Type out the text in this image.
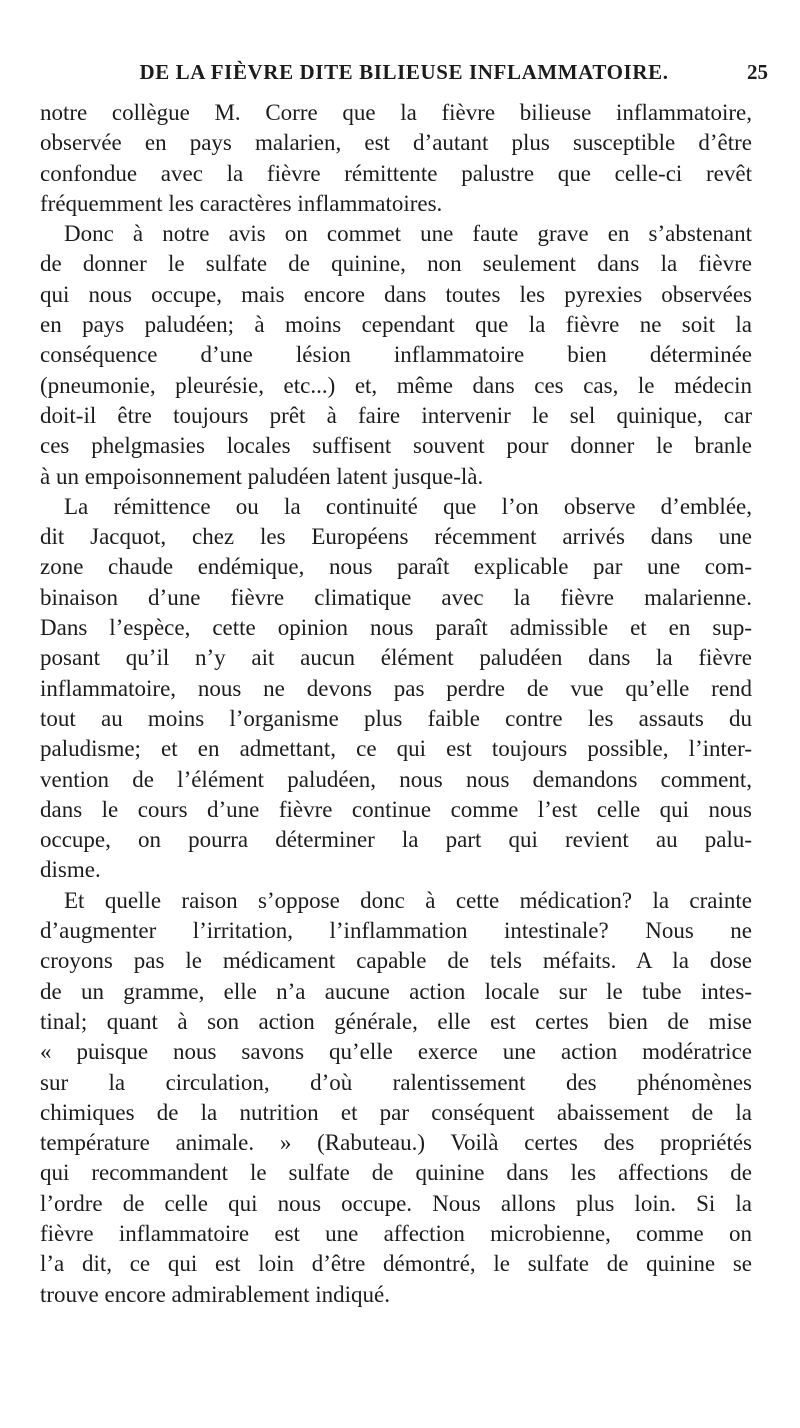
DE LA FIÈVRE DITE BILIEUSE INFLAMMATOIRE.	25
notre collègue M. Corre que la fièvre bilieuse inflammatoire,
observée en pays malarien, est d’autant plus susceptible d’être
confondue avec la fièvre rémittente palustre que celle-ci revêt
fréquemment les caractères inflammatoires.
Donc à notre avis on commet une faute grave en s’abstenant
de donner le sulfate de quinine, non seulement dans la fièvre
qui nous occupe, mais encore dans toutes les pyrexies observées
en pays paludéen; à moins cependant que la fièvre ne soit la
conséquence d’une lésion inflammatoire bien déterminée
(pneumonie, pleurésie, etc...) et, même dans ces cas, le médecin
doit-il être toujours prêt à faire intervenir le sel quinique, car
ces phelgmasies locales suffisent souvent pour donner le branle
à un empoisonnement paludéen latent jusque-là.
La rémittence ou la continuité que l’on observe d’emblée,
dit Jacquot, chez les Européens récemment arrivés dans une
zone chaude endémique, nous paraît explicable par une com-
binaison d’une fièvre climatique avec la fièvre malarienne.
Dans l’espèce, cette opinion nous paraît admissible et en sup-
posant qu’il n’y ait aucun élément paludéen dans la fièvre
inflammatoire, nous ne devons pas perdre de vue qu’elle rend
tout au moins l’organisme plus faible contre les assauts du
paludisme; et en admettant, ce qui est toujours possible, l’inter-
vention de l’élément paludéen, nous nous demandons comment,
dans le cours d’une fièvre continue comme l’est celle qui nous
occupe, on pourra déterminer la part qui revient au palu-
disme.
Et quelle raison s’oppose donc à cette médication? la crainte
d’augmenter l’irritation, l’inflammation intestinale? Nous ne
croyons pas le médicament capable de tels méfaits. A la dose
de un gramme, elle n’a aucune action locale sur le tube intes-
tinal; quant à son action générale, elle est certes bien de mise
« puisque nous savons qu’elle exerce une action modératrice
sur la circulation, d’où ralentissement des phénomènes
chimiques de la nutrition et par conséquent abaissement de la
température animale. » (Rabuteau.) Voilà certes des propriétés
qui recommandent le sulfate de quinine dans les affections de
l’ordre de celle qui nous occupe. Nous allons plus loin. Si la
fièvre inflammatoire est une affection microbienne, comme on
l’a dit, ce qui est loin d’être démontré, le sulfate de quinine se
trouve encore admirablement indiqué.
